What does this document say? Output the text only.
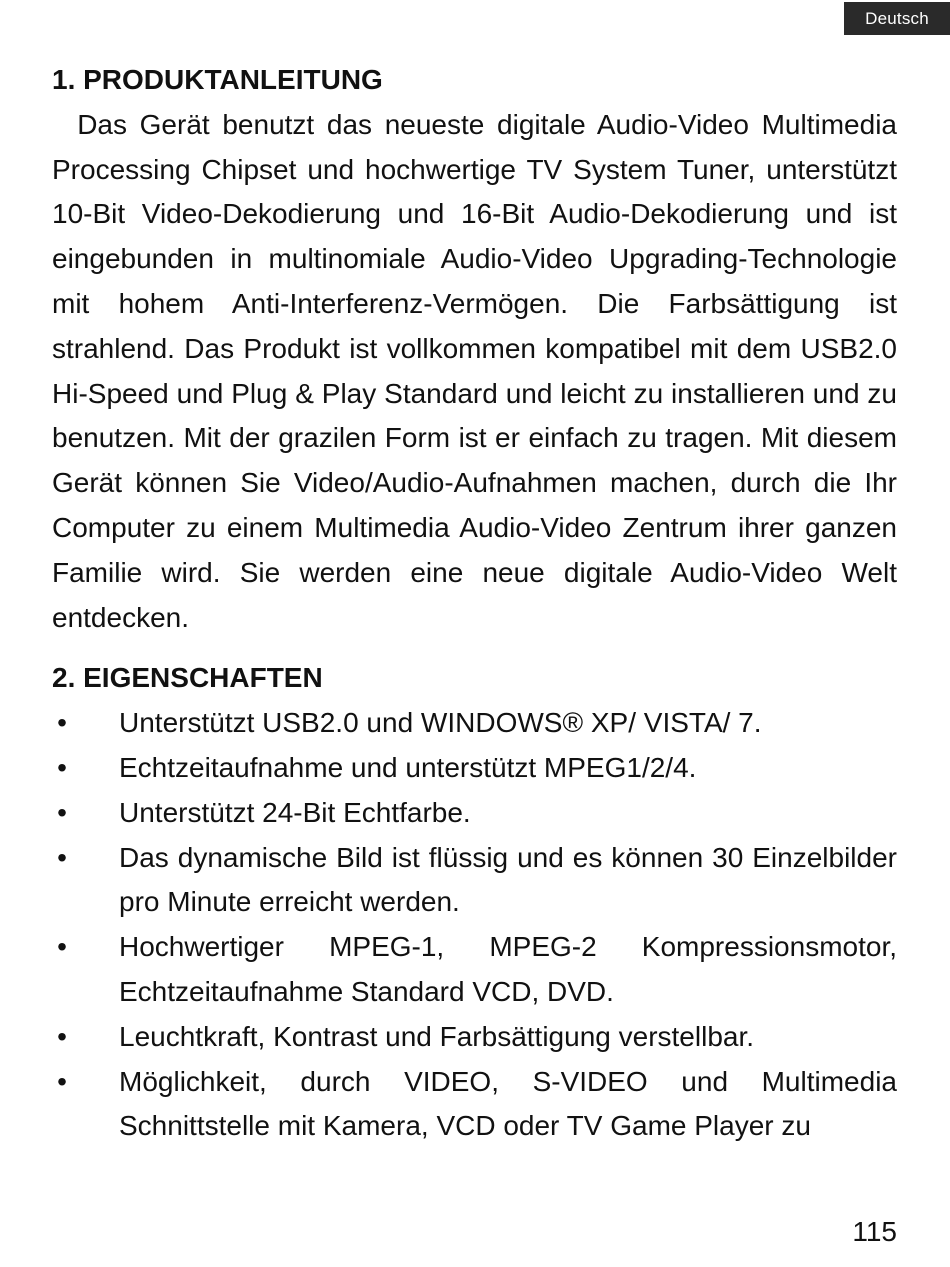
Deutsch
1. PRODUKTANLEITUNG

Das Gerät benutzt das neueste digitale Audio-Video Multimedia Processing Chipset und hochwertige TV System Tuner, unterstützt 10-Bit Video-Dekodierung und 16-Bit Audio-Dekodierung und ist eingebunden in multinomiale Audio-Video Upgrading-Technologie mit hohem Anti-Interferenz-Vermögen. Die Farbsättigung ist strahlend. Das Produkt ist vollkommen kompatibel mit dem USB2.0 Hi-Speed und Plug & Play Standard und leicht zu installieren und zu benutzen. Mit der grazilen Form ist er einfach zu tragen. Mit diesem Gerät können Sie Video/Audio-Aufnahmen machen, durch die Ihr Computer zu einem Multimedia Audio-Video Zentrum ihrer ganzen Familie wird. Sie werden eine neue digitale Audio-Video Welt entdecken.

2. EIGENSCHAFTEN
• Unterstützt USB2.0 und WINDOWS® XP/ VISTA/ 7.
• Echtzeitaufnahme und unterstützt MPEG1/2/4.
• Unterstützt 24-Bit Echtfarbe.
• Das dynamische Bild ist flüssig und es können 30 Einzelbilder pro Minute erreicht werden.
• Hochwertiger MPEG-1, MPEG-2 Kompressionsmotor, Echtzeitaufnahme Standard VCD, DVD.
• Leuchtkraft, Kontrast und Farbsättigung verstellbar.
• Möglichkeit, durch VIDEO, S-VIDEO und Multimedia Schnittstelle mit Kamera, VCD oder TV Game Player zu
115
